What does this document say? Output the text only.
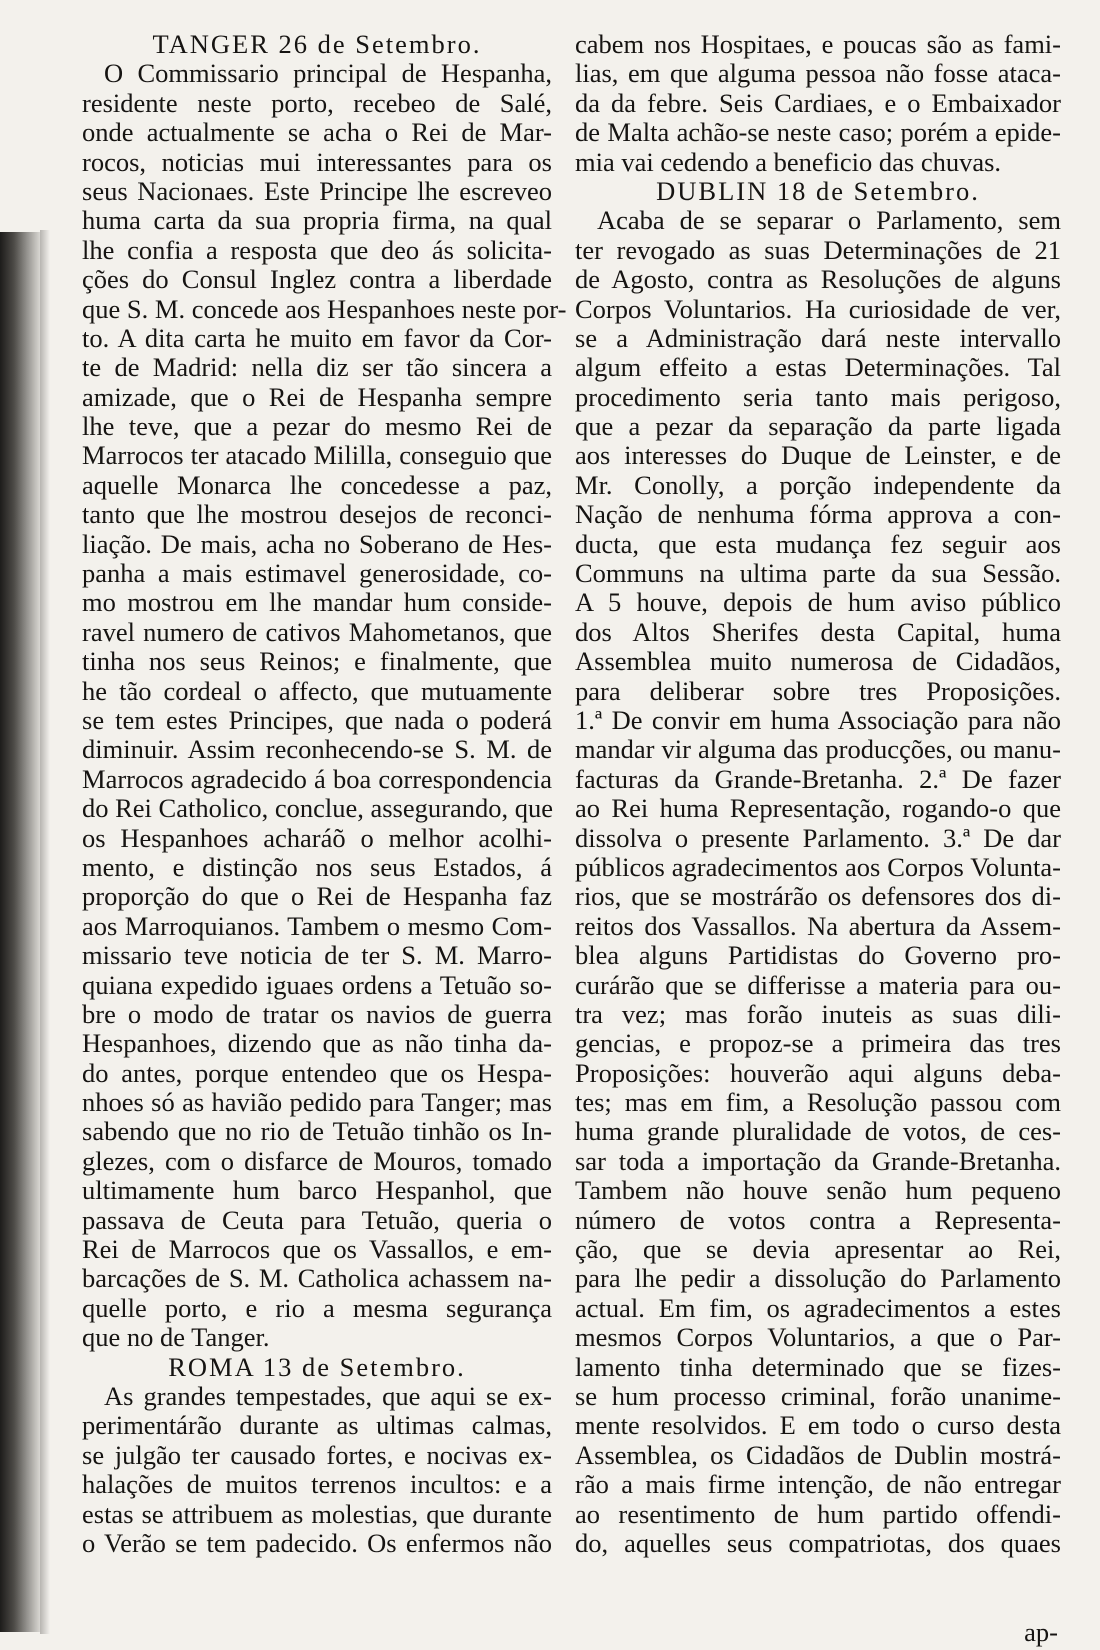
TANGER 26 de Setembro.
O Commissario principal de Hespanha,
residente neste porto, recebeo de Salé,
onde actualmente se acha o Rei de Mar-
rocos, noticias mui interessantes para os
seus Nacionaes. Este Principe lhe escreveo
huma carta da sua propria firma, na qual
lhe confia a resposta que deo ás solicita-
ções do Consul Inglez contra a liberdade
que S. M. concede aos Hespanhoes neste por-
to. A dita carta he muito em favor da Cor-
te de Madrid: nella diz ser tão sincera a
amizade, que o Rei de Hespanha sempre
lhe teve, que a pezar do mesmo Rei de
Marrocos ter atacado Mililla, conseguio que
aquelle Monarca lhe concedesse a paz,
tanto que lhe mostrou desejos de reconci-
liação. De mais, acha no Soberano de Hes-
panha a mais estimavel generosidade, co-
mo mostrou em lhe mandar hum conside-
ravel numero de cativos Mahometanos, que
tinha nos seus Reinos; e finalmente, que
he tão cordeal o affecto, que mutuamente
se tem estes Principes, que nada o poderá
diminuir. Assim reconhecendo-se S. M. de
Marrocos agradecido á boa correspondencia
do Rei Catholico, conclue, assegurando, que
os Hespanhoes acharáõ o melhor acolhi-
mento, e distinção nos seus Estados, á
proporção do que o Rei de Hespanha faz
aos Marroquianos. Tambem o mesmo Com-
missario teve noticia de ter S. M. Marro-
quiana expedido iguaes ordens a Tetuão so-
bre o modo de tratar os navios de guerra
Hespanhoes, dizendo que as não tinha da-
do antes, porque entendeo que os Hespa-
nhoes só as havião pedido para Tanger; mas
sabendo que no rio de Tetuão tinhão os In-
glezes, com o disfarce de Mouros, tomado
ultimamente hum barco Hespanhol, que
passava de Ceuta para Tetuão, queria o
Rei de Marrocos que os Vassallos, e em-
barcações de S. M. Catholica achassem na-
quelle porto, e rio a mesma segurança
que no de Tanger.
ROMA 13 de Setembro.
As grandes tempestades, que aqui se ex-
perimentárão durante as ultimas calmas,
se julgão ter causado fortes, e nocivas ex-
halações de muitos terrenos incultos: e a
estas se attribuem as molestias, que durante
o Verão se tem padecido. Os enfermos não
cabem nos Hospitaes, e poucas são as fami-
lias, em que alguma pessoa não fosse ataca-
da da febre. Seis Cardiaes, e o Embaixador
de Malta achão-se neste caso; porém a epide-
mia vai cedendo a beneficio das chuvas.
DUBLIN 18 de Setembro.
Acaba de se separar o Parlamento, sem
ter revogado as suas Determinações de 21
de Agosto, contra as Resoluções de alguns
Corpos Voluntarios. Ha curiosidade de ver,
se a Administração dará neste intervallo
algum effeito a estas Determinações. Tal
procedimento seria tanto mais perigoso,
que a pezar da separação da parte ligada
aos interesses do Duque de Leinster, e de
Mr. Conolly, a porção independente da
Nação de nenhuma fórma approva a con-
ducta, que esta mudança fez seguir aos
Communs na ultima parte da sua Sessão.
A 5 houve, depois de hum aviso público
dos Altos Sherifes desta Capital, huma
Assemblea muito numerosa de Cidadãos,
para deliberar sobre tres Proposições.
1.ª De convir em huma Associação para não
mandar vir alguma das producções, ou manu-
facturas da Grande-Bretanha. 2.ª De fazer
ao Rei huma Representação, rogando-o que
dissolva o presente Parlamento. 3.ª De dar
públicos agradecimentos aos Corpos Volunta-
rios, que se mostrárão os defensores dos di-
reitos dos Vassallos. Na abertura da Assem-
blea alguns Partidistas do Governo pro-
curárão que se differisse a materia para ou-
tra vez; mas forão inuteis as suas dili-
gencias, e propoz-se a primeira das tres
Proposições: houverão aqui alguns deba-
tes; mas em fim, a Resolução passou com
huma grande pluralidade de votos, de ces-
sar toda a importação da Grande-Bretanha.
Tambem não houve senão hum pequeno
número de votos contra a Representa-
ção, que se devia apresentar ao Rei,
para lhe pedir a dissolução do Parlamento
actual. Em fim, os agradecimentos a estes
mesmos Corpos Voluntarios, a que o Par-
lamento tinha determinado que se fizes-
se hum processo criminal, forão unanime-
mente resolvidos. E em todo o curso desta
Assemblea, os Cidadãos de Dublin mostrá-
rão a mais firme intenção, de não entregar
ao resentimento de hum partido offendi-
do, aquelles seus compatriotas, dos quaes
ap-
